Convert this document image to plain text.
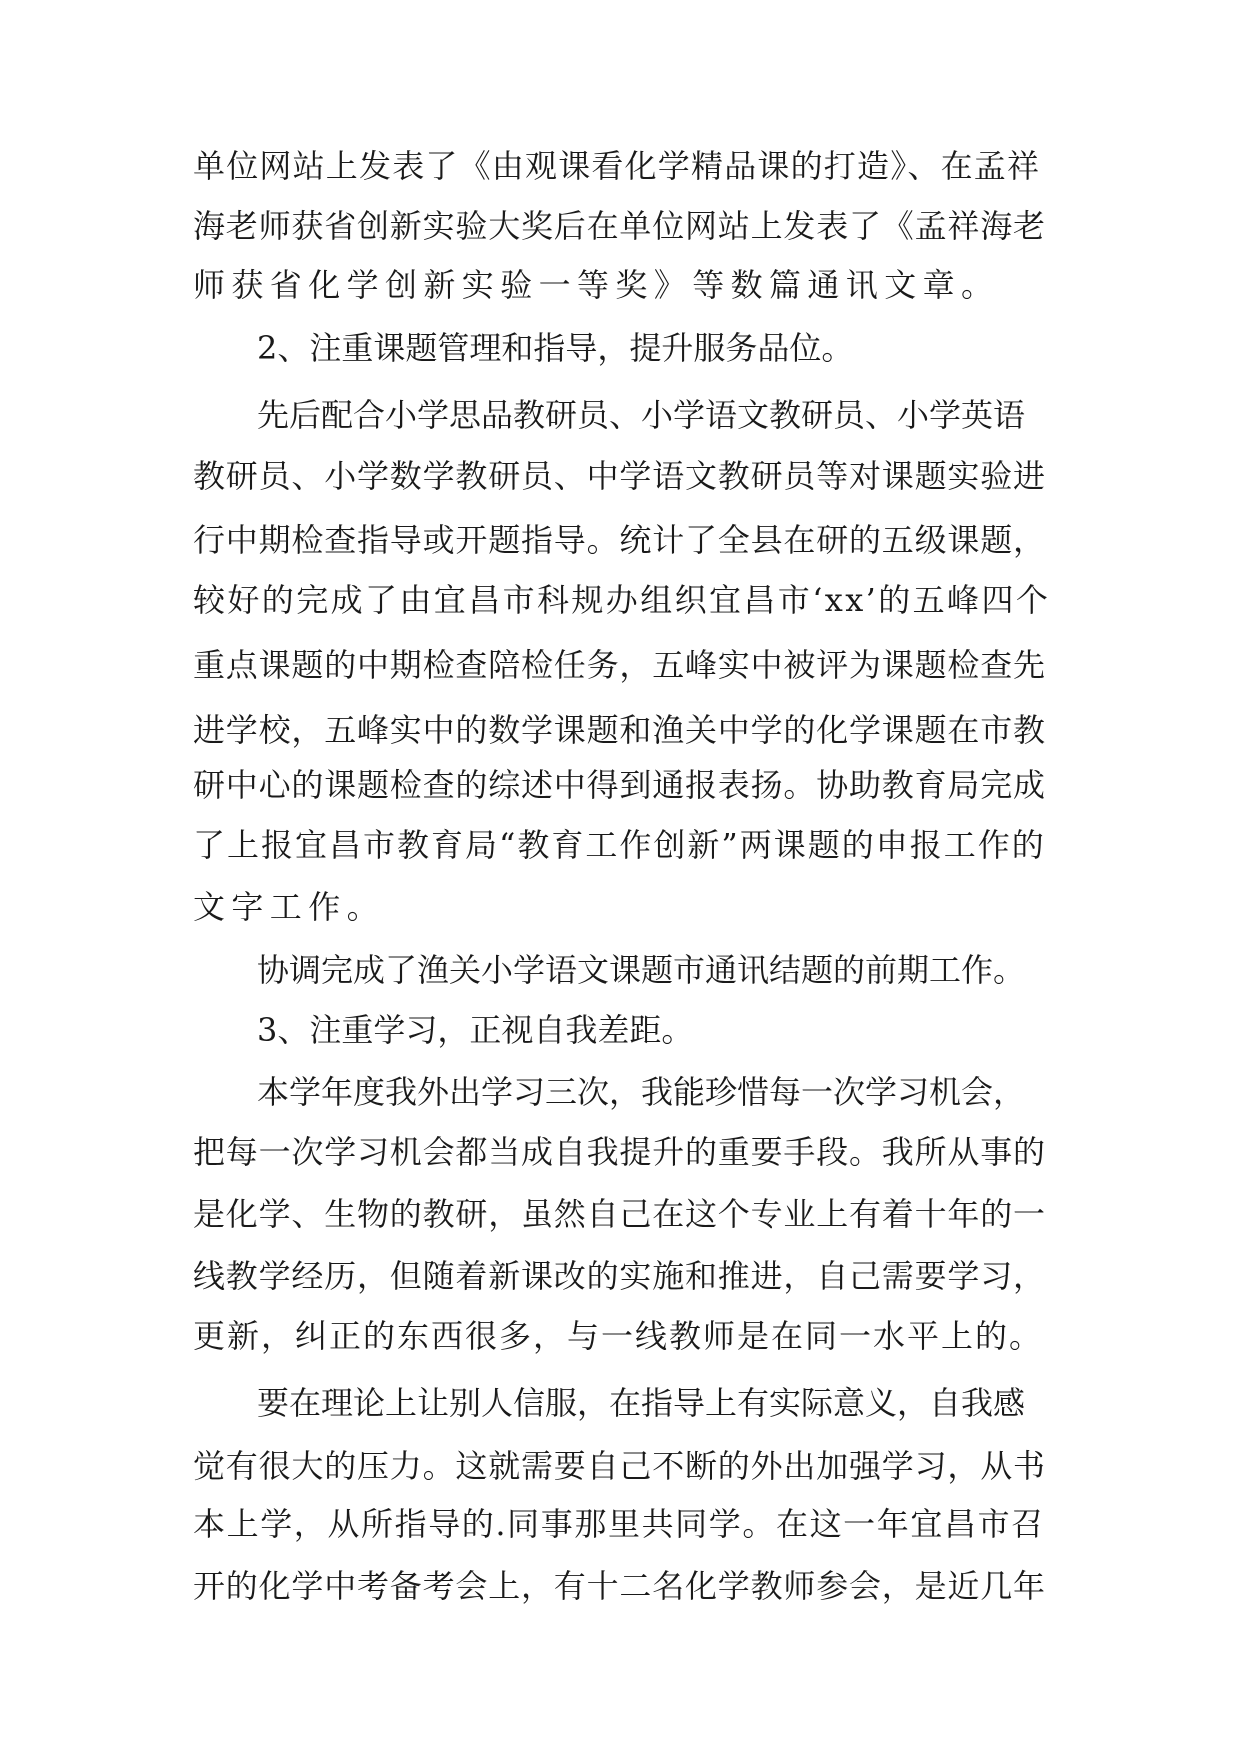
单位网站上发表了《由观课看化学精品课的打造》、在孟祥
海老师获省创新实验大奖后在单位网站上发表了《孟祥海老
师获省化学创新实验一等奖》等数篇通讯文章。
2、注重课题管理和指导，提升服务品位。
先后配合小学思品教研员、小学语文教研员、小学英语
教研员、小学数学教研员、中学语文教研员等对课题实验进
行中期检查指导或开题指导。统计了全县在研的五级课题，
较好的完成了由宜昌市科规办组织宜昌市‘xx’的五峰四个
重点课题的中期检查陪检任务，五峰实中被评为课题检查先
进学校，五峰实中的数学课题和渔关中学的化学课题在市教
研中心的课题检查的综述中得到通报表扬。协助教育局完成
了上报宜昌市教育局“教育工作创新”两课题的申报工作的
文字工作。
协调完成了渔关小学语文课题市通讯结题的前期工作。
3、注重学习，正视自我差距。
本学年度我外出学习三次，我能珍惜每一次学习机会，
把每一次学习机会都当成自我提升的重要手段。我所从事的
是化学、生物的教研，虽然自己在这个专业上有着十年的一
线教学经历，但随着新课改的实施和推进，自己需要学习，
更新，纠正的东西很多，与一线教师是在同一水平上的。
要在理论上让别人信服，在指导上有实际意义，自我感
觉有很大的压力。这就需要自己不断的外出加强学习，从书
本上学，从所指导的.同事那里共同学。在这一年宜昌市召
开的化学中考备考会上，有十二名化学教师参会，是近几年
